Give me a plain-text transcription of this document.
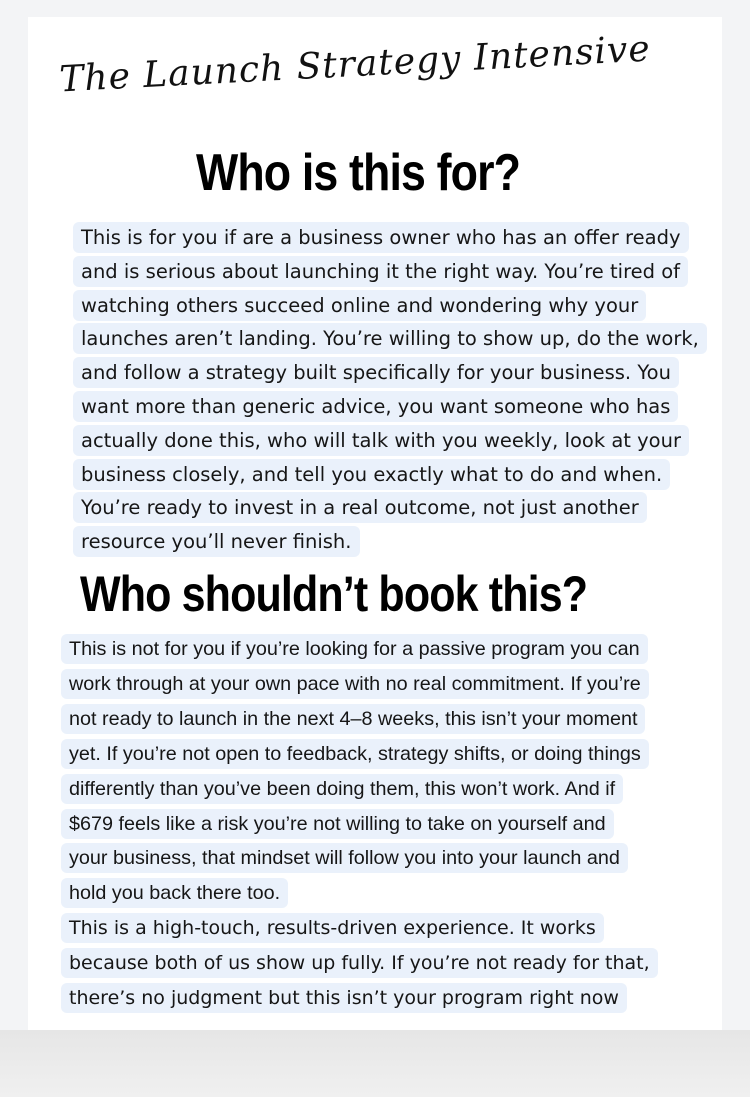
The Launch Strategy Intensive
Who is this for?
This is for you if are a business owner who has an offer ready
and is serious about launching it the right way. You’re tired of
watching others succeed online and wondering why your
launches aren’t landing. You’re willing to show up, do the work,
and follow a strategy built specifically for your business. You
want more than generic advice, you want someone who has
actually done this, who will talk with you weekly, look at your
business closely, and tell you exactly what to do and when.
You’re ready to invest in a real outcome, not just another
resource you’ll never finish.
Who shouldn’t book this?
This is not for you if you’re looking for a passive program you can
work through at your own pace with no real commitment. If you’re
not ready to launch in the next 4–8 weeks, this isn’t your moment
yet. If you’re not open to feedback, strategy shifts, or doing things
differently than you’ve been doing them, this won’t work. And if
$679 feels like a risk you’re not willing to take on yourself and
your business, that mindset will follow you into your launch and
hold you back there too.
This is a high-touch, results-driven experience. It works
because both of us show up fully. If you’re not ready for that,
there’s no judgment but this isn’t your program right now
